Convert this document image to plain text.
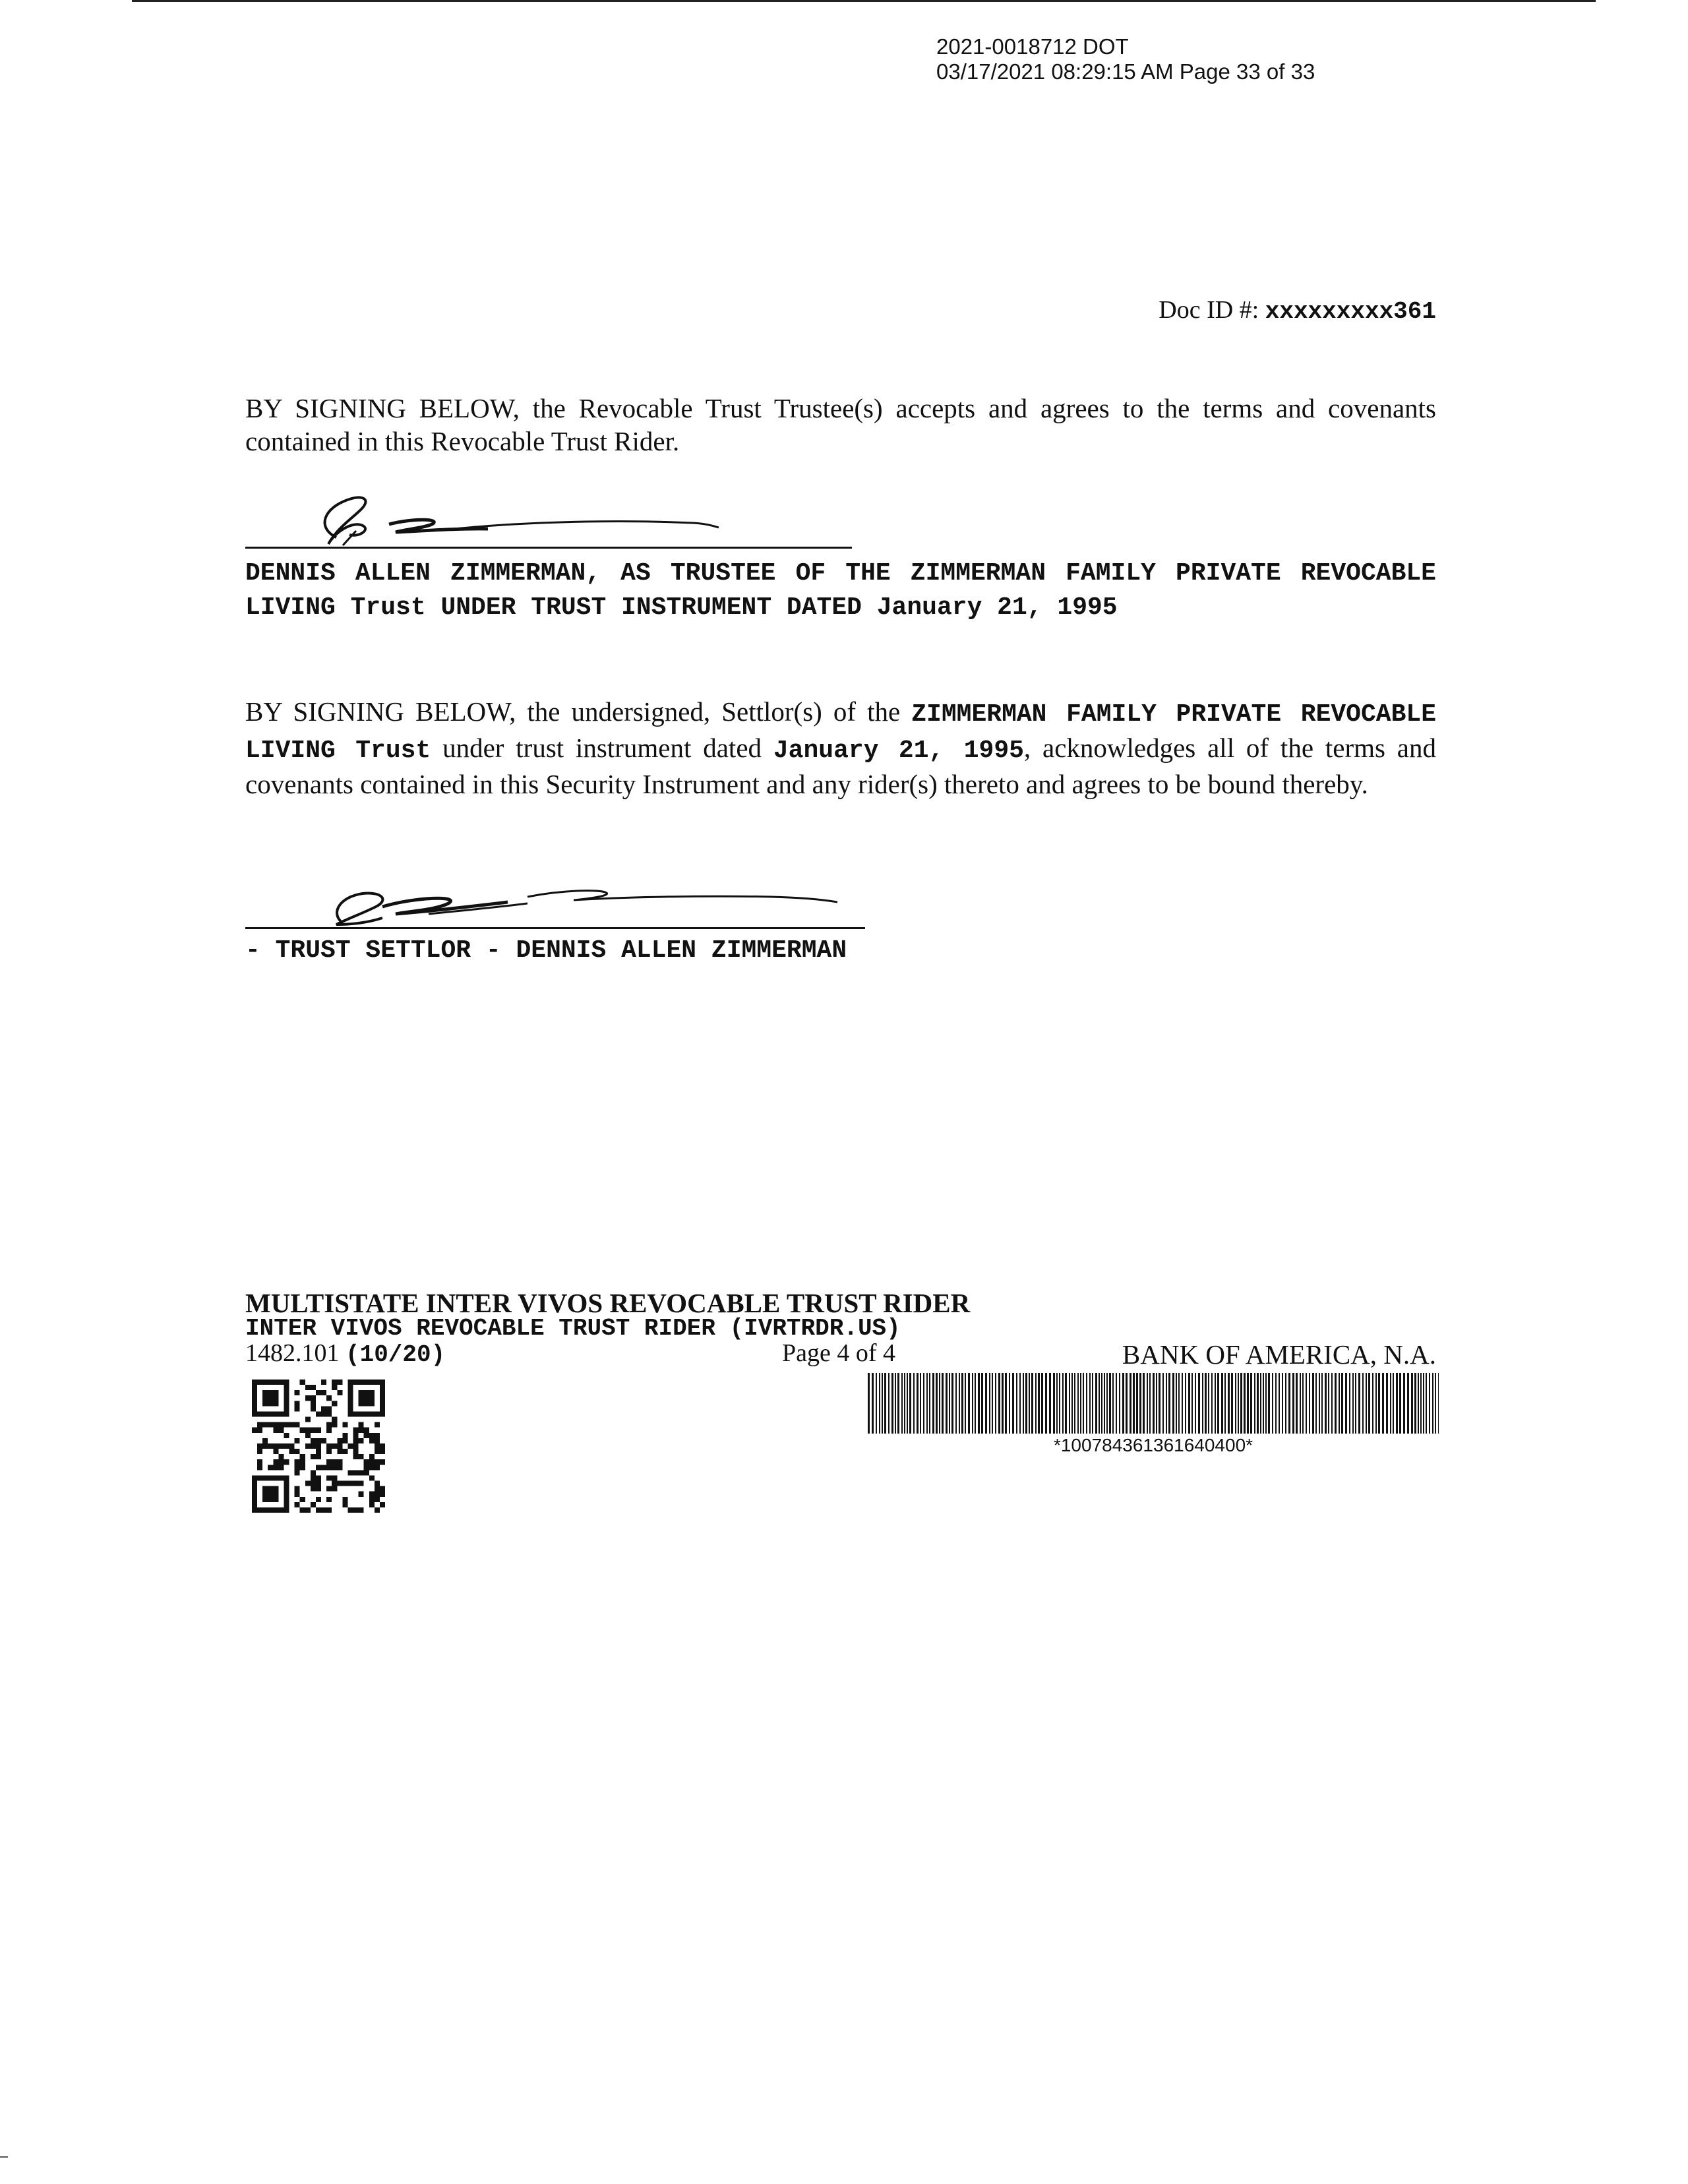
2021-0018712 DOT
03/17/2021 08:29:15 AM Page 33 of 33
Doc ID #: xxxxxxxxx361
BY SIGNING BELOW, the Revocable Trust Trustee(s) accepts and agrees to the terms and covenants contained in this Revocable Trust Rider.
DENNIS ALLEN ZIMMERMAN, AS TRUSTEE OF THE ZIMMERMAN FAMILY PRIVATE REVOCABLE LIVING Trust UNDER TRUST INSTRUMENT DATED January 21, 1995
BY SIGNING BELOW, the undersigned, Settlor(s) of the ZIMMERMAN FAMILY PRIVATE REVOCABLE LIVING Trust under trust instrument dated January 21, 1995, acknowledges all of the terms and covenants contained in this Security Instrument and any rider(s) thereto and agrees to be bound thereby.
- TRUST SETTLOR - DENNIS ALLEN ZIMMERMAN
MULTISTATE INTER VIVOS REVOCABLE TRUST RIDER
INTER VIVOS REVOCABLE TRUST RIDER (IVRTRDR.US)
1482.101 (10/20)	Page 4 of 4	BANK OF AMERICA, N.A.
*100784361361640400*
